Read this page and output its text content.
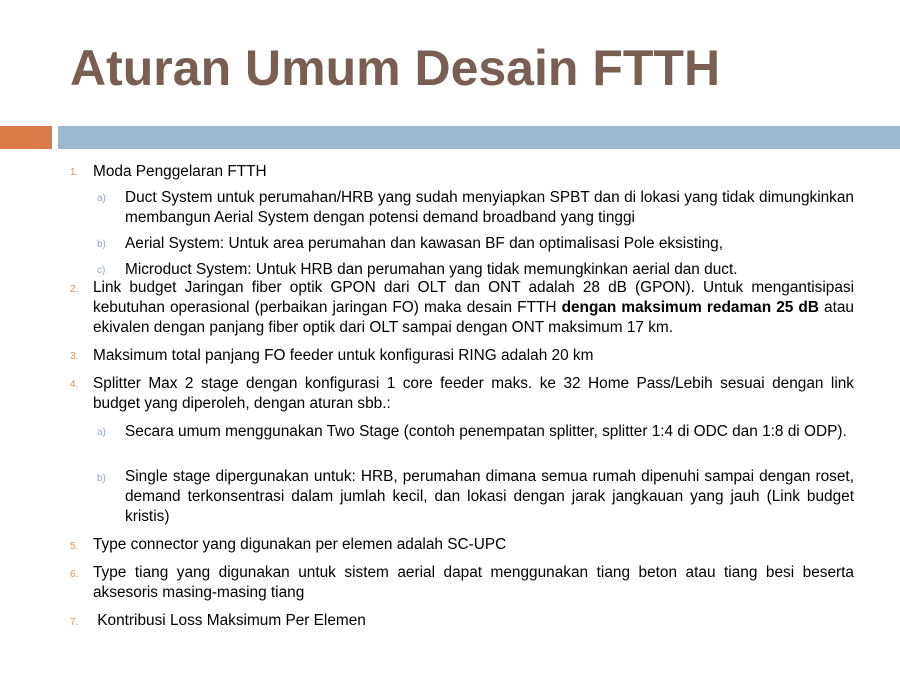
Aturan Umum Desain FTTH
1. Moda Penggelaran FTTH
a) Duct System untuk perumahan/HRB yang sudah menyiapkan SPBT dan di lokasi yang tidak dimungkinkan membangun Aerial System dengan potensi demand broadband yang tinggi
b) Aerial System: Untuk area perumahan dan kawasan BF dan optimalisasi Pole eksisting,
c) Microduct System: Untuk HRB dan perumahan yang tidak memungkinkan aerial dan duct.
2. Link budget Jaringan fiber optik GPON dari OLT dan ONT adalah 28 dB (GPON). Untuk mengantisipasi kebutuhan operasional (perbaikan jaringan FO) maka desain FTTH dengan maksimum redaman 25 dB atau ekivalen dengan panjang fiber optik dari OLT sampai dengan ONT maksimum 17 km.
3. Maksimum total panjang FO feeder untuk konfigurasi RING adalah 20 km
4. Splitter Max 2 stage dengan konfigurasi 1 core feeder maks. ke 32 Home Pass/Lebih sesuai dengan link budget yang diperoleh, dengan aturan sbb.:
a) Secara umum menggunakan Two Stage (contoh penempatan splitter, splitter 1:4 di ODC dan 1:8 di ODP).
b) Single stage dipergunakan untuk: HRB, perumahan dimana semua rumah dipenuhi sampai dengan roset, demand terkonsentrasi dalam jumlah kecil, dan lokasi dengan jarak jangkauan yang jauh (Link budget kristis)
5. Type connector yang digunakan per elemen adalah SC-UPC
6. Type tiang yang digunakan untuk sistem aerial dapat menggunakan tiang beton atau tiang besi beserta aksesoris masing-masing tiang
7. Kontribusi Loss Maksimum Per Elemen
